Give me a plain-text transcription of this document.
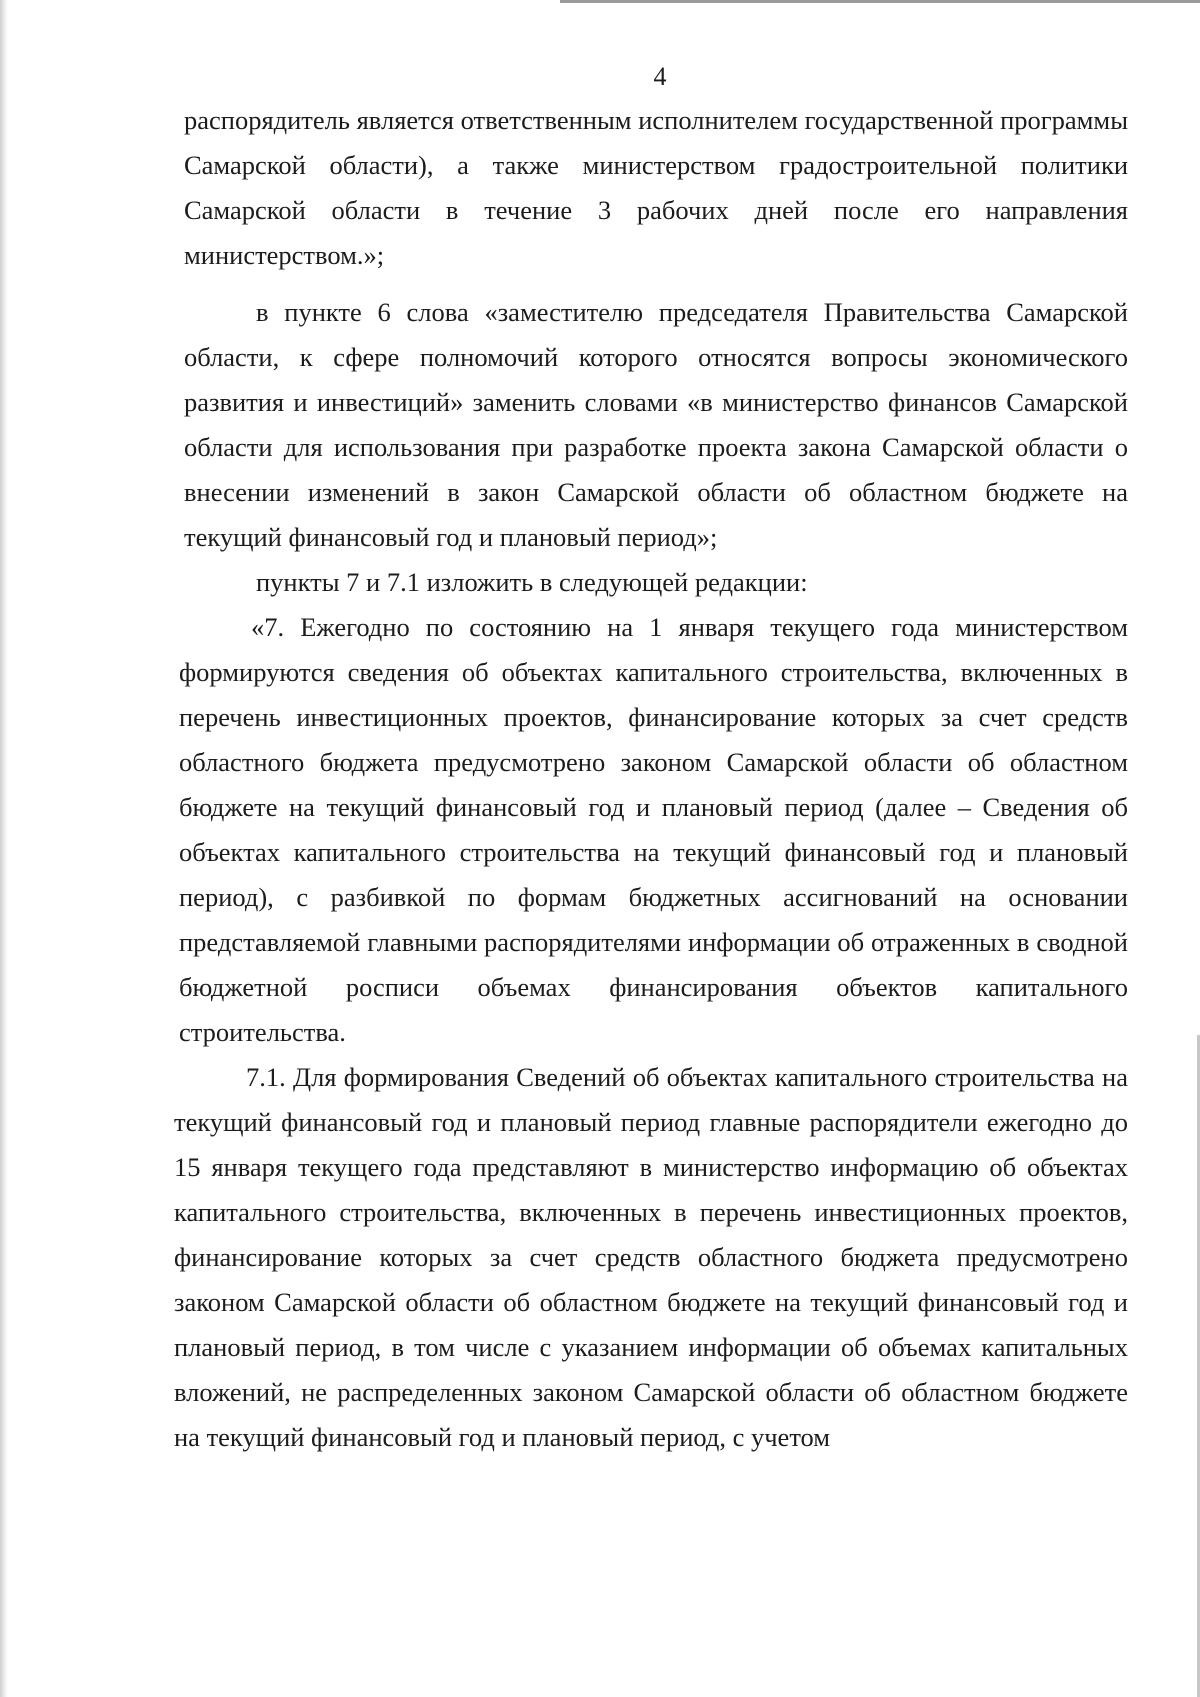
4

распорядитель является ответственным исполнителем государственной программы Самарской области), а также министерством градостроительной политики Самарской области в течение 3 рабочих дней после его направления министерством.»;

в пункте 6 слова «заместителю председателя Правительства Самарской области, к сфере полномочий которого относятся вопросы экономического развития и инвестиций» заменить словами «в министерство финансов Самарской области для использования при разработке проекта закона Самарской области о внесении изменений в закон Самарской области об областном бюджете на текущий финансовый год и плановый период»;

пункты 7 и 7.1 изложить в следующей редакции:

«7. Ежегодно по состоянию на 1 января текущего года министерством формируются сведения об объектах капитального строительства, включенных в перечень инвестиционных проектов, финансирование которых за счет средств областного бюджета предусмотрено законом Самарской области об областном бюджете на текущий финансовый год и плановый период (далее – Сведения об объектах капитального строительства на текущий финансовый год и плановый период), с разбивкой по формам бюджетных ассигнований на основании представляемой главными распорядителями информации об отраженных в сводной бюджетной росписи объемах финансирования объектов капитального строительства.

7.1. Для формирования Сведений об объектах капитального строительства на текущий финансовый год и плановый период главные распорядители ежегодно до 15 января текущего года представляют в министерство информацию об объектах капитального строительства, включенных в перечень инвестиционных проектов, финансирование которых за счет средств областного бюджета предусмотрено законом Самарской области об областном бюджете на текущий финансовый год и плановый период, в том числе с указанием информации об объемах капитальных вложений, не распределенных законом Самарской области об областном бюджете на текущий финансовый год и плановый период, с учетом
